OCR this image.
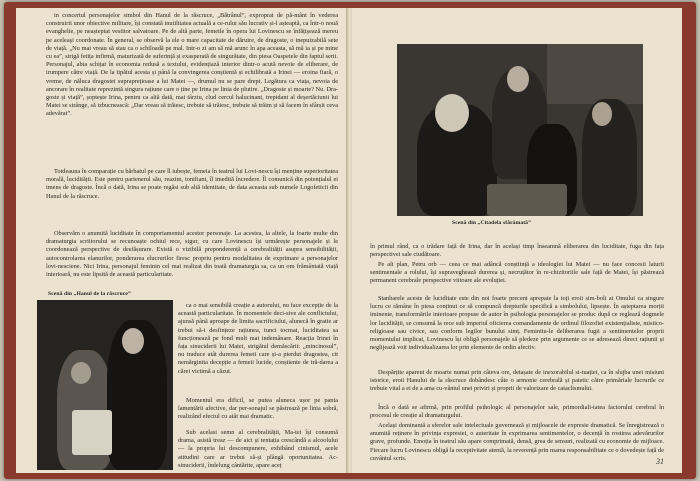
in concertul personajelor simbol din Hanul de la răscruce, „Bătrânul”, exproprat de pă-mânt în vederea construirii unor obiective militare, își constată inutilitatea actuală a ce-rului său lucrativ și-l așteaptă, ca într-o nouă evanghelie, pe neașteptat vestitor salvatoare. Pe de altă parte, femeile în opera lui Lovinescu se înfățișează mereu pe aceleași coordonate. În general, se observă la ele o mare capacitate de dăruire, de dragoste, o inepuizabilă sete de viață. „Nu mai vreau să stau ca o schiloadă pe mal. Intr-o zi am să mă arunc în apa aceasta, să mă ia și pe mine cu ea”, strigă fetița infirmă, maturizată de suferință și exasperată de singurătate, din piesa Oaspetele din faptul serii. Personajul, abia schițat în economia redusă a textului, evidențiază interior dintr-o acută nevoie de eliberare, de irumpere către viață. De la tipătul acesta și până la convingerea conștientă și echilibrată a Irinei — eroina fiară, o vreme, de năluca dragostei supraprețioase a lui Matei —, drumul nu se pare drept. Legătura ca viața, nevoia de ancorare în realitate reprezintă singura rațiune care o ține pe Irina pe linia de plutire. „Dragoste și moarte? Nu. Dra-goste și viață”, șoptește Irina, pentru ca altă dată, mai târziu, clud cercul halucinant, trepidant al deșertăciunii lui Matei se strânge, să izbucnească: „Dar vreau să trăiesc, trebuie să trăiesc, trebuie să trăim și să facem în sfârșit ceva adevărat”.

Totdeauna în comparație cu bărbatul pe care îl iubește, femeia în teatrul lui Lovi-nescu își menține superioritatea morală, lucidității. Este pentru partenerul său, reazim, tonifiant, îl imedită încredere. Îl comunică din potențialul ei imens de dragoste. Încă o dată, Irina se poate regăsi sub altă identitate, de data aceasta sub numele Logofeticii din Hanul de la răscruce.

Observăm o anumită luciditate în comportamentul acestor personaje. La acestea, la altele, la foarte multe din dramaturgia scriitorului se recunoaște ochiul rece, sigur, cu care Lovinescu își urmărește personajele și le coordonează perspective de desfășurare. Există o vizibilă preponderență a cerebralității asupra sensibilității, autocontrolarea elanurilor, ponderarea elucrurilor firesc propriu pentru modalitatea de exprimare a personajelor lovi-nesciene. Nici Irina, personajul feminin cel mai realizat din toată dramaturgia sa, ca un om frământată viață interioară, nu este lipsită de această particularitate.

Scenă din „Hanul de la răscruce”

ca o mai sensibilă creație a autorului, nu face excepție de la această particularitate. În momentele deci-sive ale conflictului, ajunsă până aproape de limita sacrificiului, alunecă în gratie ar trebui să-i desfințeze rațiunea, tunci tocmai, luciditatea sa funcționează pe fond mult mai indemânare. Reacția Irinei în fața sinuciderii lui Matei, strigătul demăscărit: „mincinosul”, nu traduce atât durerea femeii care și-a pierdut dragostea, cit nemărginita decepție a femeii lucide, conștiente de tră-darea a cărei victimă a căzut.

Momentul era dificil, se putea aluneca ușor pe panta lamentării afective, dar per-sonajul se păstrează pe linia sobră, realizând efectul cu atât mai dramatic.

Sub acelasi semn al cerebralității, Ma-tei își consumă drama, asistă treaz — de aici și tentația crescândă a alcoolului — la propria lui descompunere, exhibând cinismul, acele atitudini care ar trebui să-și plângă oportunitatea. Ac-sinuciderii, îndelung cântărite, apare aceț

Scenă din „Citadela sfărâmată”

în primul rând, ca o trădare față de Irina, dar în același timp înseamnă eliberarea din luciditate, fuga din fața perspectivei sale ciudătoare.

Pe alt plan, Petru orb — ceea ce mai adâncă conștiință a ideologiei lui Matei — nu face concesii laturii sentimentale a rolului, își supraveghează durerea și, necruțător în re-chizitoriile sale față de Matei, își păstrează permanent cerebrale perspective viitoare ale evoluției.

Stanbarele aceste de luciditate este din noi foarte precent aprepate la toți eroii sim-boli ai Omului ca singure lucru ce rămâne în piesa conținut ce să compuncă drepturile specifică a simbolului, lipsește. În așteptarea morții iminente, transformările interioare propuse de autor în psihologia personajelor se produc după ce reglează dogmele lor lucidității, se consumă la rece sub imperiul oficierea comandamente de ordinul filozofiei existențialiste, mistico-religioase sau civice, sau conform legilor bunului simț. Feminitu-le deliberarea fugii a sentimentelor proprii momentului implicat, Lovinescu își obligă personajele să pledeze prin argumente ce se adresează direct rațiunii și neglijează voit individualizarea lor prin elemente de ordin afectiv.

Despărțite aparent de moarte numai prin câteva ore, detașate de inexorabilul si-tuației, ca în slujba unei misiuni istorice, eroii Hanului de la răscruce dobândesc câte o armonie cerebrală și patetic către primăriale lucrurile ce trebuie vital a ei de a ama cu-vântul unei priviri și proprii de valorizare de cataclismului.

Încă o dată se afirmă, prin profilul psihologic al personajelor sale, primordiali-tatea factorului cerebral în procesul de creație al dramaturgului.

Același dominantă a sferelor sale intelectuale guvernează și mijloacele de expresie dramatică. Se înregistrează o anumită reținere în privința expresiei, o auteritate în exprimarea sentimentelor, o decență în rostirea adevărurilor grave, profunde. Emoția în teatrul său apare comprimată, densă, grea de sensuri, realizată cu economie de mijloace. Fiecare lucru Lovinescu obligă la receptivitate atentă, la reverență prin marea responsabilitate ce o dovedește față de cuvântul scris.	31
